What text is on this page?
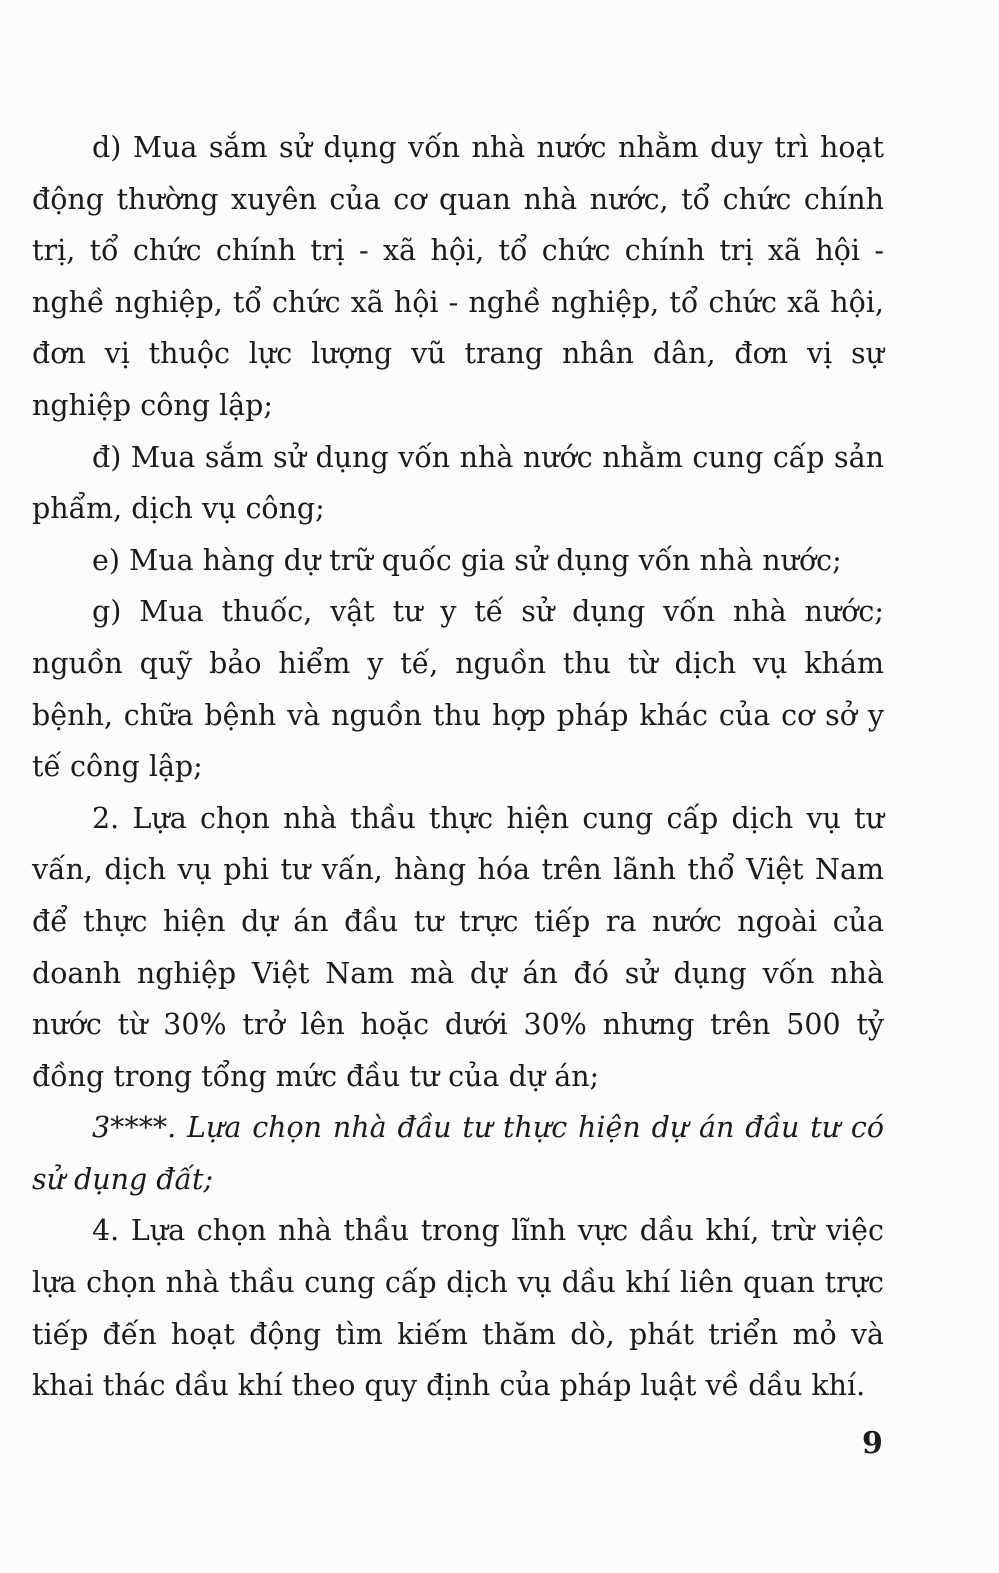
d) Mua sắm sử dụng vốn nhà nước nhằm duy trì hoạt động thường xuyên của cơ quan nhà nước, tổ chức chính trị, tổ chức chính trị - xã hội, tổ chức chính trị xã hội - nghề nghiệp, tổ chức xã hội - nghề nghiệp, tổ chức xã hội, đơn vị thuộc lực lượng vũ trang nhân dân, đơn vị sự nghiệp công lập;

đ) Mua sắm sử dụng vốn nhà nước nhằm cung cấp sản phẩm, dịch vụ công;

e) Mua hàng dự trữ quốc gia sử dụng vốn nhà nước;

g) Mua thuốc, vật tư y tế sử dụng vốn nhà nước; nguồn quỹ bảo hiểm y tế, nguồn thu từ dịch vụ khám bệnh, chữa bệnh và nguồn thu hợp pháp khác của cơ sở y tế công lập;

2. Lựa chọn nhà thầu thực hiện cung cấp dịch vụ tư vấn, dịch vụ phi tư vấn, hàng hóa trên lãnh thổ Việt Nam để thực hiện dự án đầu tư trực tiếp ra nước ngoài của doanh nghiệp Việt Nam mà dự án đó sử dụng vốn nhà nước từ 30% trở lên hoặc dưới 30% nhưng trên 500 tỷ đồng trong tổng mức đầu tư của dự án;

3****. Lựa chọn nhà đầu tư thực hiện dự án đầu tư có sử dụng đất;

4. Lựa chọn nhà thầu trong lĩnh vực dầu khí, trừ việc lựa chọn nhà thầu cung cấp dịch vụ dầu khí liên quan trực tiếp đến hoạt động tìm kiếm thăm dò, phát triển mỏ và khai thác dầu khí theo quy định của pháp luật về dầu khí.

9
